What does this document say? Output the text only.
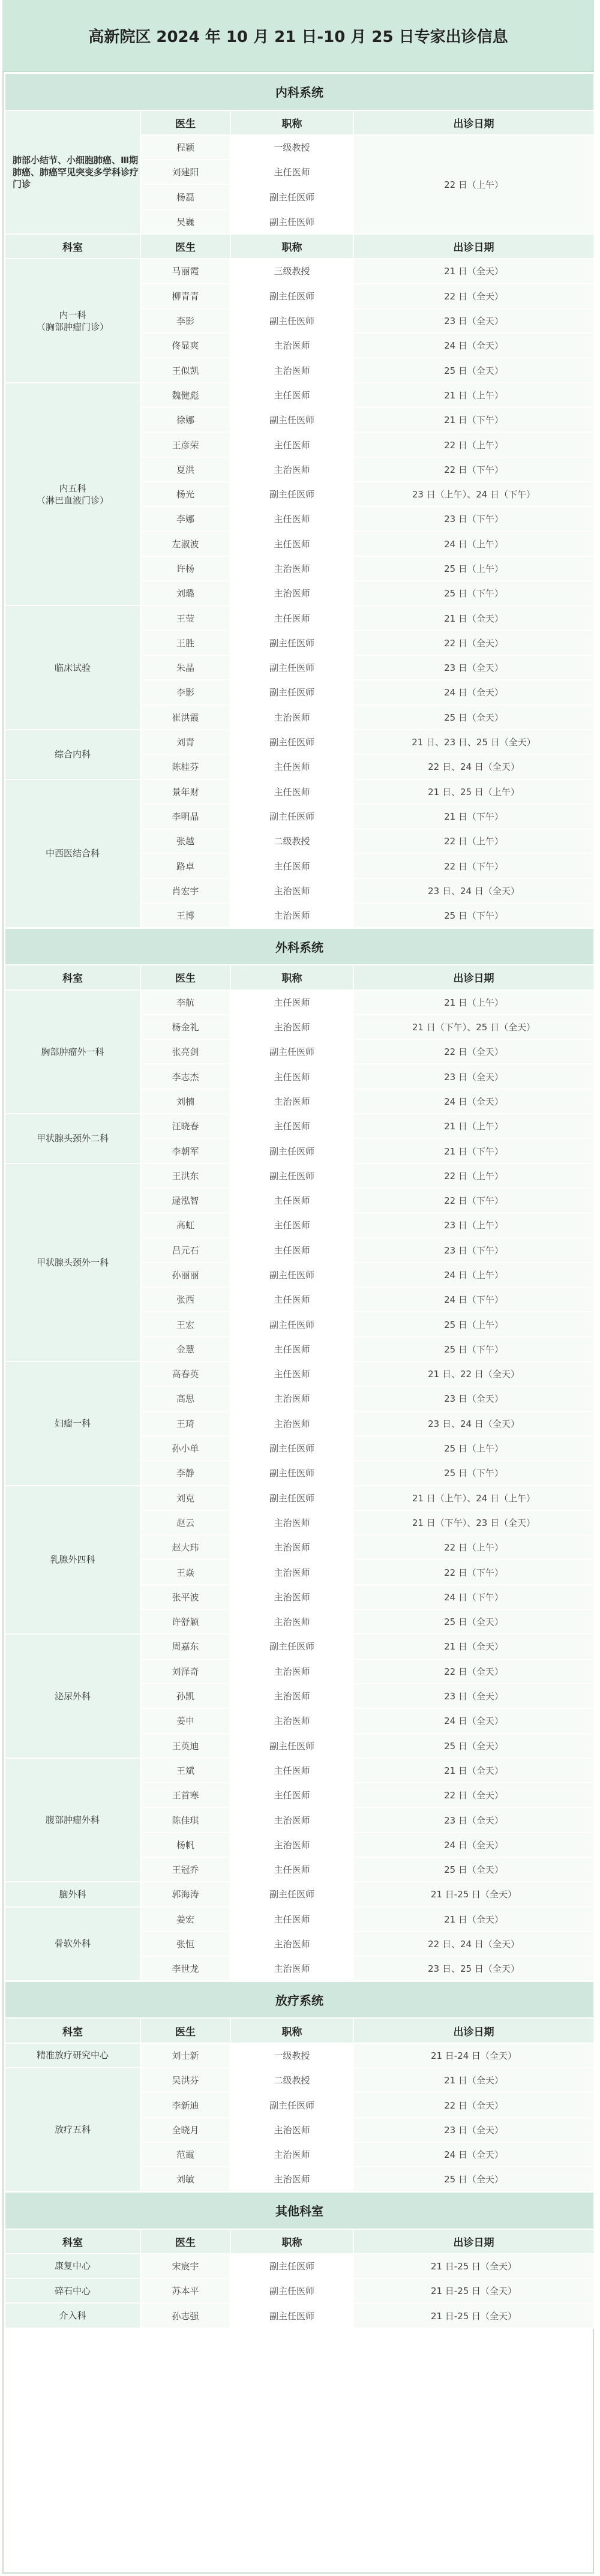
高新院区 2024 年 10 月 21 日-10 月 25 日专家出诊信息
内科系统			
肺部小结节、小细胞肺癌、Ⅲ期肺癌、肺癌罕见突变多学科诊疗门诊	医生	职称	出诊日期
	程颖	一级教授	22 日（上午）
	刘建阳	主任医师	
	杨磊	副主任医师	
	吴巍	副主任医师	
科室	医生	职称	出诊日期
内一科
（胸部肿瘤门诊）	马丽霞	三级教授	21 日（全天）
	柳青青	副主任医师	22 日（全天）
	李影	副主任医师	23 日（全天）
	佟显爽	主治医师	24 日（全天）
	王似凯	主治医师	25 日（全天）
内五科
（淋巴血液门诊）	魏健彪	主任医师	21 日（上午）
	徐娜	副主任医师	21 日（下午）
	王彦荣	主任医师	22 日（上午）
	夏洪	主治医师	22 日（下午）
	杨光	副主任医师	23 日（上午）、24 日（下午）
	李娜	主任医师	23 日（下午）
	左淑波	主任医师	24 日（上午）
	许杨	主治医师	25 日（上午）
	刘璐	主治医师	25 日（下午）
临床试验	王莹	主任医师	21 日（全天）
	王胜	副主任医师	22 日（全天）
	朱晶	副主任医师	23 日（全天）
	李影	副主任医师	24 日（全天）
	崔洪霞	主治医师	25 日（全天）
综合内科	刘青	副主任医师	21 日、23 日、25 日（全天）
	陈桂芬	主任医师	22 日、24 日（全天）
中西医结合科	景年财	主任医师	21 日、25 日（上午）
	李明晶	副主任医师	21 日（下午）
	张越	二级教授	22 日（上午）
	路卓	主任医师	22 日（下午）
	肖宏宇	主治医师	23 日、24 日（全天）
	王博	主治医师	25 日（下午）
外科系统			
科室	医生	职称	出诊日期
胸部肿瘤外一科	李航	主任医师	21 日（上午）
	杨金礼	主治医师	21 日（下午）、25 日（全天）
	张亮剑	副主任医师	22 日（全天）
	李志杰	主任医师	23 日（全天）
	刘楠	主治医师	24 日（全天）
甲状腺头颈外二科	汪晓春	主任医师	21 日（上午）
	李朝军	副主任医师	21 日（下午）
甲状腺头颈外一科	王洪东	副主任医师	22 日（上午）
	逯泓智	主任医师	22 日（下午）
	高虹	主任医师	23 日（上午）
	吕元石	主任医师	23 日（下午）
	孙丽丽	副主任医师	24 日（上午）
	张西	主任医师	24 日（下午）
	王宏	副主任医师	25 日（上午）
	金慧	主任医师	25 日（下午）
妇瘤一科	高春英	主任医师	21 日、22 日（全天）
	高思	主治医师	23 日（全天）
	王琦	主治医师	23 日、24 日（全天）
	孙小单	副主任医师	25 日（上午）
	李静	副主任医师	25 日（下午）
乳腺外四科	刘克	副主任医师	21 日（上午）、24 日（上午）
	赵云	主治医师	21 日（下午）、23 日（全天）
	赵大玮	主治医师	22 日（上午）
	王焱	主治医师	22 日（下午）
	张平波	主治医师	24 日（下午）
	许舒颖	主治医师	25 日（全天）
泌尿外科	周嘉东	副主任医师	21 日（全天）
	刘泽奇	主治医师	22 日（全天）
	孙凯	主治医师	23 日（全天）
	姜申	主治医师	24 日（全天）
	王英迪	副主任医师	25 日（全天）
腹部肿瘤外科	王斌	主任医师	21 日（全天）
	王首寒	主任医师	22 日（全天）
	陈佳琪	主治医师	23 日（全天）
	杨帆	主治医师	24 日（全天）
	王冠乔	主任医师	25 日（全天）
脑外科	郭海涛	副主任医师	21 日-25 日（全天）
骨软外科	姜宏	主任医师	21 日（全天）
	张恒	主治医师	22 日、24 日（全天）
	李世龙	主治医师	23 日、25 日（全天）
放疗系统			
科室	医生	职称	出诊日期
精准放疗研究中心	刘士新	一级教授	21 日-24 日（全天）
放疗五科	吴洪芬	二级教授	21 日（全天）
	李新迪	副主任医师	22 日（全天）
	全晓月	主治医师	23 日（全天）
	范霞	主治医师	24 日（全天）
	刘敏	主治医师	25 日（全天）
其他科室			
科室	医生	职称	出诊日期
康复中心	宋宸宇	副主任医师	21 日-25 日（全天）
碎石中心	苏本平	副主任医师	21 日-25 日（全天）
介入科	孙志强	副主任医师	21 日-25 日（全天）
